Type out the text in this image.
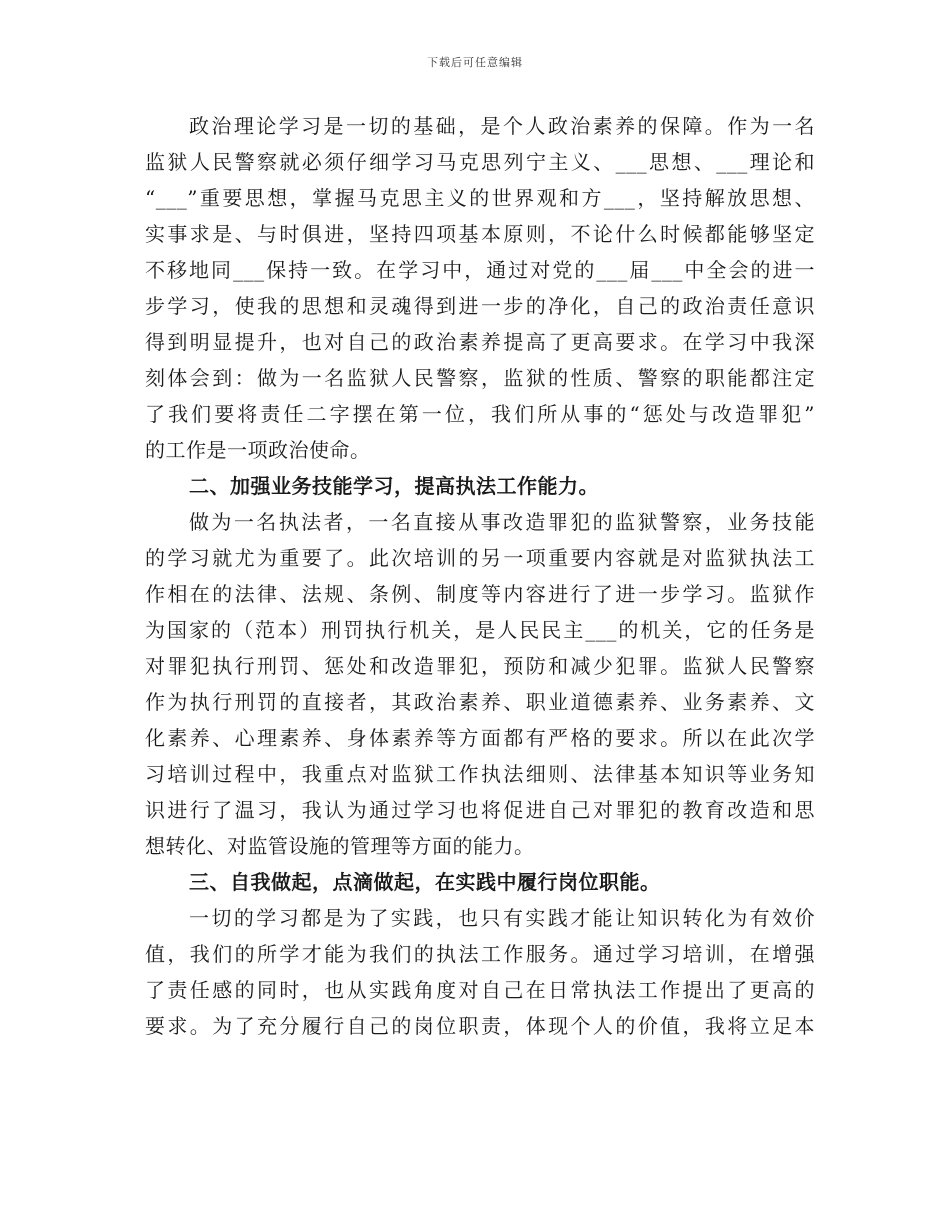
下载后可任意编辑
政治理论学习是一切的基础，是个人政治素养的保障。作为一名
监狱人民警察就必须仔细学习马克思列宁主义、___思想、___理论和
“___”重要思想，掌握马克思主义的世界观和方___，坚持解放思想、
实事求是、与时俱进，坚持四项基本原则，不论什么时候都能够坚定
不移地同___保持一致。在学习中，通过对党的___届___中全会的进一
步学习，使我的思想和灵魂得到进一步的净化，自己的政治责任意识
得到明显提升，也对自己的政治素养提高了更高要求。在学习中我深
刻体会到：做为一名监狱人民警察，监狱的性质、警察的职能都注定
了我们要将责任二字摆在第一位，我们所从事的“惩处与改造罪犯”
的工作是一项政治使命。
二、加强业务技能学习，提高执法工作能力。
做为一名执法者，一名直接从事改造罪犯的监狱警察，业务技能
的学习就尤为重要了。此次培训的另一项重要内容就是对监狱执法工
作相在的法律、法规、条例、制度等内容进行了进一步学习。监狱作
为国家的（范本）刑罚执行机关，是人民民主___的机关，它的任务是
对罪犯执行刑罚、惩处和改造罪犯，预防和减少犯罪。监狱人民警察
作为执行刑罚的直接者，其政治素养、职业道德素养、业务素养、文
化素养、心理素养、身体素养等方面都有严格的要求。所以在此次学
习培训过程中，我重点对监狱工作执法细则、法律基本知识等业务知
识进行了温习，我认为通过学习也将促进自己对罪犯的教育改造和思
想转化、对监管设施的管理等方面的能力。
三、自我做起，点滴做起，在实践中履行岗位职能。
一切的学习都是为了实践，也只有实践才能让知识转化为有效价
值，我们的所学才能为我们的执法工作服务。通过学习培训，在增强
了责任感的同时，也从实践角度对自己在日常执法工作提出了更高的
要求。为了充分履行自己的岗位职责，体现个人的价值，我将立足本
